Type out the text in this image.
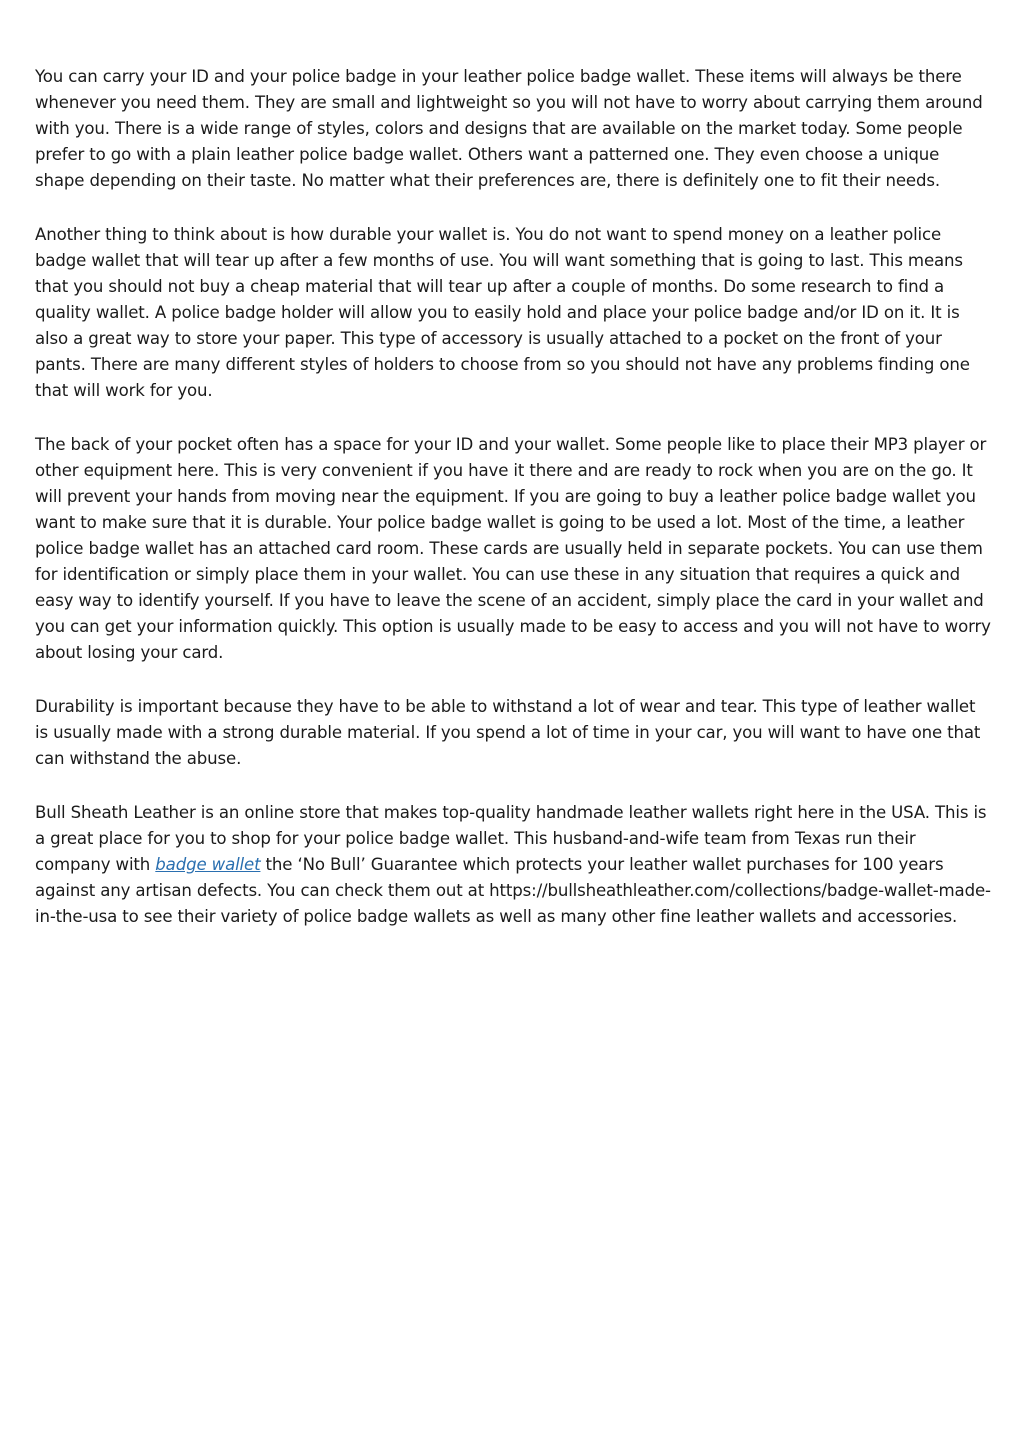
You can carry your ID and your police badge in your leather police badge wallet. These items will always be there whenever you need them. They are small and lightweight so you will not have to worry about carrying them around with you. There is a wide range of styles, colors and designs that are available on the market today. Some people prefer to go with a plain leather police badge wallet. Others want a patterned one. They even choose a unique shape depending on their taste. No matter what their preferences are, there is definitely one to fit their needs.

Another thing to think about is how durable your wallet is. You do not want to spend money on a leather police badge wallet that will tear up after a few months of use. You will want something that is going to last. This means that you should not buy a cheap material that will tear up after a couple of months. Do some research to find a quality wallet. A police badge holder will allow you to easily hold and place your police badge and/or ID on it. It is also a great way to store your paper. This type of accessory is usually attached to a pocket on the front of your pants. There are many different styles of holders to choose from so you should not have any problems finding one that will work for you.

The back of your pocket often has a space for your ID and your wallet. Some people like to place their MP3 player or other equipment here. This is very convenient if you have it there and are ready to rock when you are on the go. It will prevent your hands from moving near the equipment. If you are going to buy a leather police badge wallet you want to make sure that it is durable. Your police badge wallet is going to be used a lot. Most of the time, a leather police badge wallet has an attached card room. These cards are usually held in separate pockets. You can use them for identification or simply place them in your wallet. You can use these in any situation that requires a quick and easy way to identify yourself. If you have to leave the scene of an accident, simply place the card in your wallet and you can get your information quickly. This option is usually made to be easy to access and you will not have to worry about losing your card.

Durability is important because they have to be able to withstand a lot of wear and tear. This type of leather wallet is usually made with a strong durable material. If you spend a lot of time in your car, you will want to have one that can withstand the abuse.

Bull Sheath Leather is an online store that makes top-quality handmade leather wallets right here in the USA. This is a great place for you to shop for your police badge wallet. This husband-and-wife team from Texas run their company with badge wallet the ‘No Bull’ Guarantee which protects your leather wallet purchases for 100 years against any artisan defects. You can check them out at https://bullsheathleather.com/collections/badge-wallet-made-in-the-usa to see their variety of police badge wallets as well as many other fine leather wallets and accessories.
